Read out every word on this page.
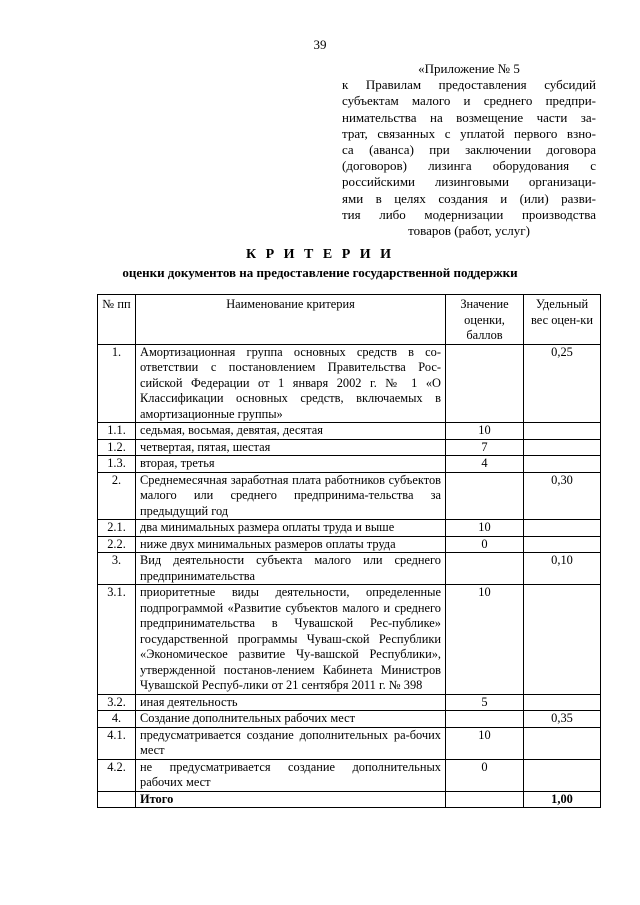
39
«Приложение № 5
к Правилам предоставления субсидий
субъектам малого и среднего предпри-
нимательства на возмещение части за-
трат, связанных с уплатой первого взно-
са (аванса) при заключении договора
(договоров) лизинга оборудования с
российскими лизинговыми организаци-
ями в целях создания и (или) разви-
тия либо модернизации производства
товаров (работ, услуг)
К Р И Т Е Р И И
оценки документов на предоставление государственной поддержки
№ пп	Наименование критерия	Значение оценки, баллов	Удельный вес оцен-ки
1.	Амортизационная группа основных средств в со-ответствии с постановлением Правительства Рос-сийской Федерации от 1 января 2002 г. № 1 «О Классификации основных средств, включаемых в амортизационные группы»		0,25
1.1.	седьмая, восьмая, девятая, десятая	10	
1.2.	четвертая, пятая, шестая	7	
1.3.	вторая, третья	4	
2.	Среднемесячная заработная плата работников субъектов малого или среднего предпринима-тельства за предыдущий год		0,30
2.1.	два минимальных размера оплаты труда и выше	10	
2.2.	ниже двух минимальных размеров оплаты труда	0	
3.	Вид деятельности субъекта малого или среднего предпринимательства		0,10
3.1.	приоритетные виды деятельности, определенные подпрограммой «Развитие субъектов малого и среднего предпринимательства в Чувашской Рес-публике» государственной программы Чуваш-ской Республики «Экономическое развитие Чу-вашской Республики», утвержденной постанов-лением Кабинета Министров Чувашской Респуб-лики от 21 сентября 2011 г. № 398	10	
3.2.	иная деятельность	5	
4.	Создание дополнительных рабочих мест		0,35
4.1.	предусматривается создание дополнительных ра-бочих мест	10	
4.2.	не предусматривается создание дополнительных рабочих мест	0	
	Итого		1,00
